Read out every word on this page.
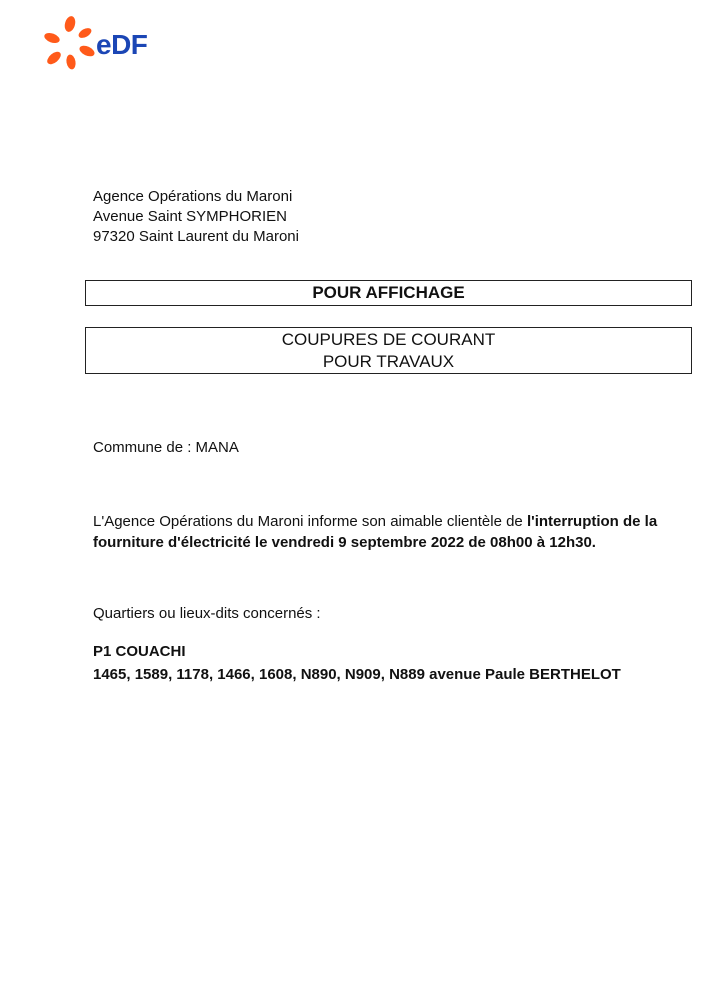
eDF
Agence Opérations du Maroni
Avenue Saint SYMPHORIEN
97320 Saint Laurent du Maroni
POUR AFFICHAGE
COUPURES DE COURANT
POUR TRAVAUX
Commune de : MANA
L'Agence Opérations du Maroni informe son aimable clientèle de l'interruption de la fourniture d'électricité le vendredi 9 septembre 2022 de 08h00 à 12h30.
Quartiers ou lieux-dits concernés :
P1 COUACHI
1465, 1589, 1178, 1466, 1608, N890, N909, N889 avenue Paule BERTHELOT
